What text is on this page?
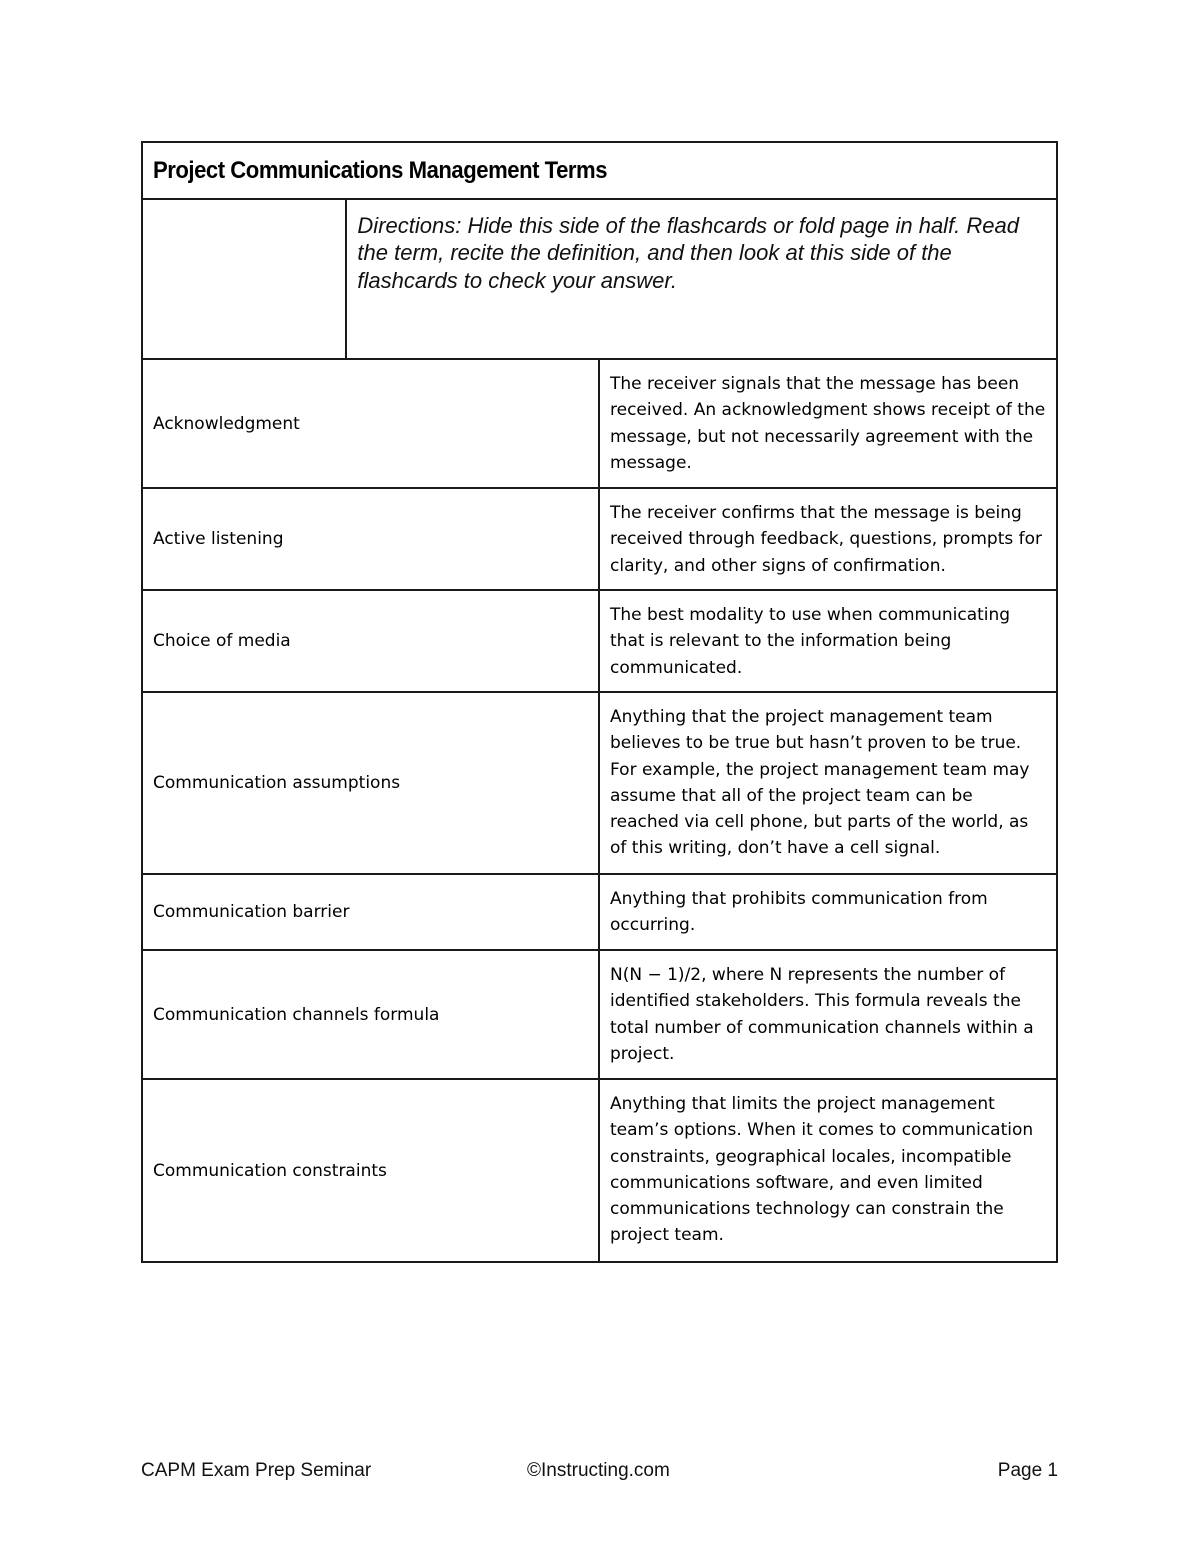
Project Communications Management Terms
Directions: Hide this side of the flashcards or fold page in half. Read the term, recite the definition, and then look at this side of the flashcards to check your answer.
Acknowledgment
The receiver signals that the message has been received. An acknowledgment shows receipt of the message, but not necessarily agreement with the message.
Active listening
The receiver confirms that the message is being received through feedback, questions, prompts for clarity, and other signs of confirmation.
Choice of media
The best modality to use when communicating that is relevant to the information being communicated.
Communication assumptions
Anything that the project management team believes to be true but hasn’t proven to be true. For example, the project management team may assume that all of the project team can be reached via cell phone, but parts of the world, as of this writing, don’t have a cell signal.
Communication barrier
Anything that prohibits communication from occurring.
Communication channels formula
N(N − 1)/2, where N represents the number of identified stakeholders. This formula reveals the total number of communication channels within a project.
Communication constraints
Anything that limits the project management team’s options. When it comes to communication constraints, geographical locales, incompatible communications software, and even limited communications technology can constrain the project team.
CAPM Exam Prep Seminar	©Instructing.com	Page 1
